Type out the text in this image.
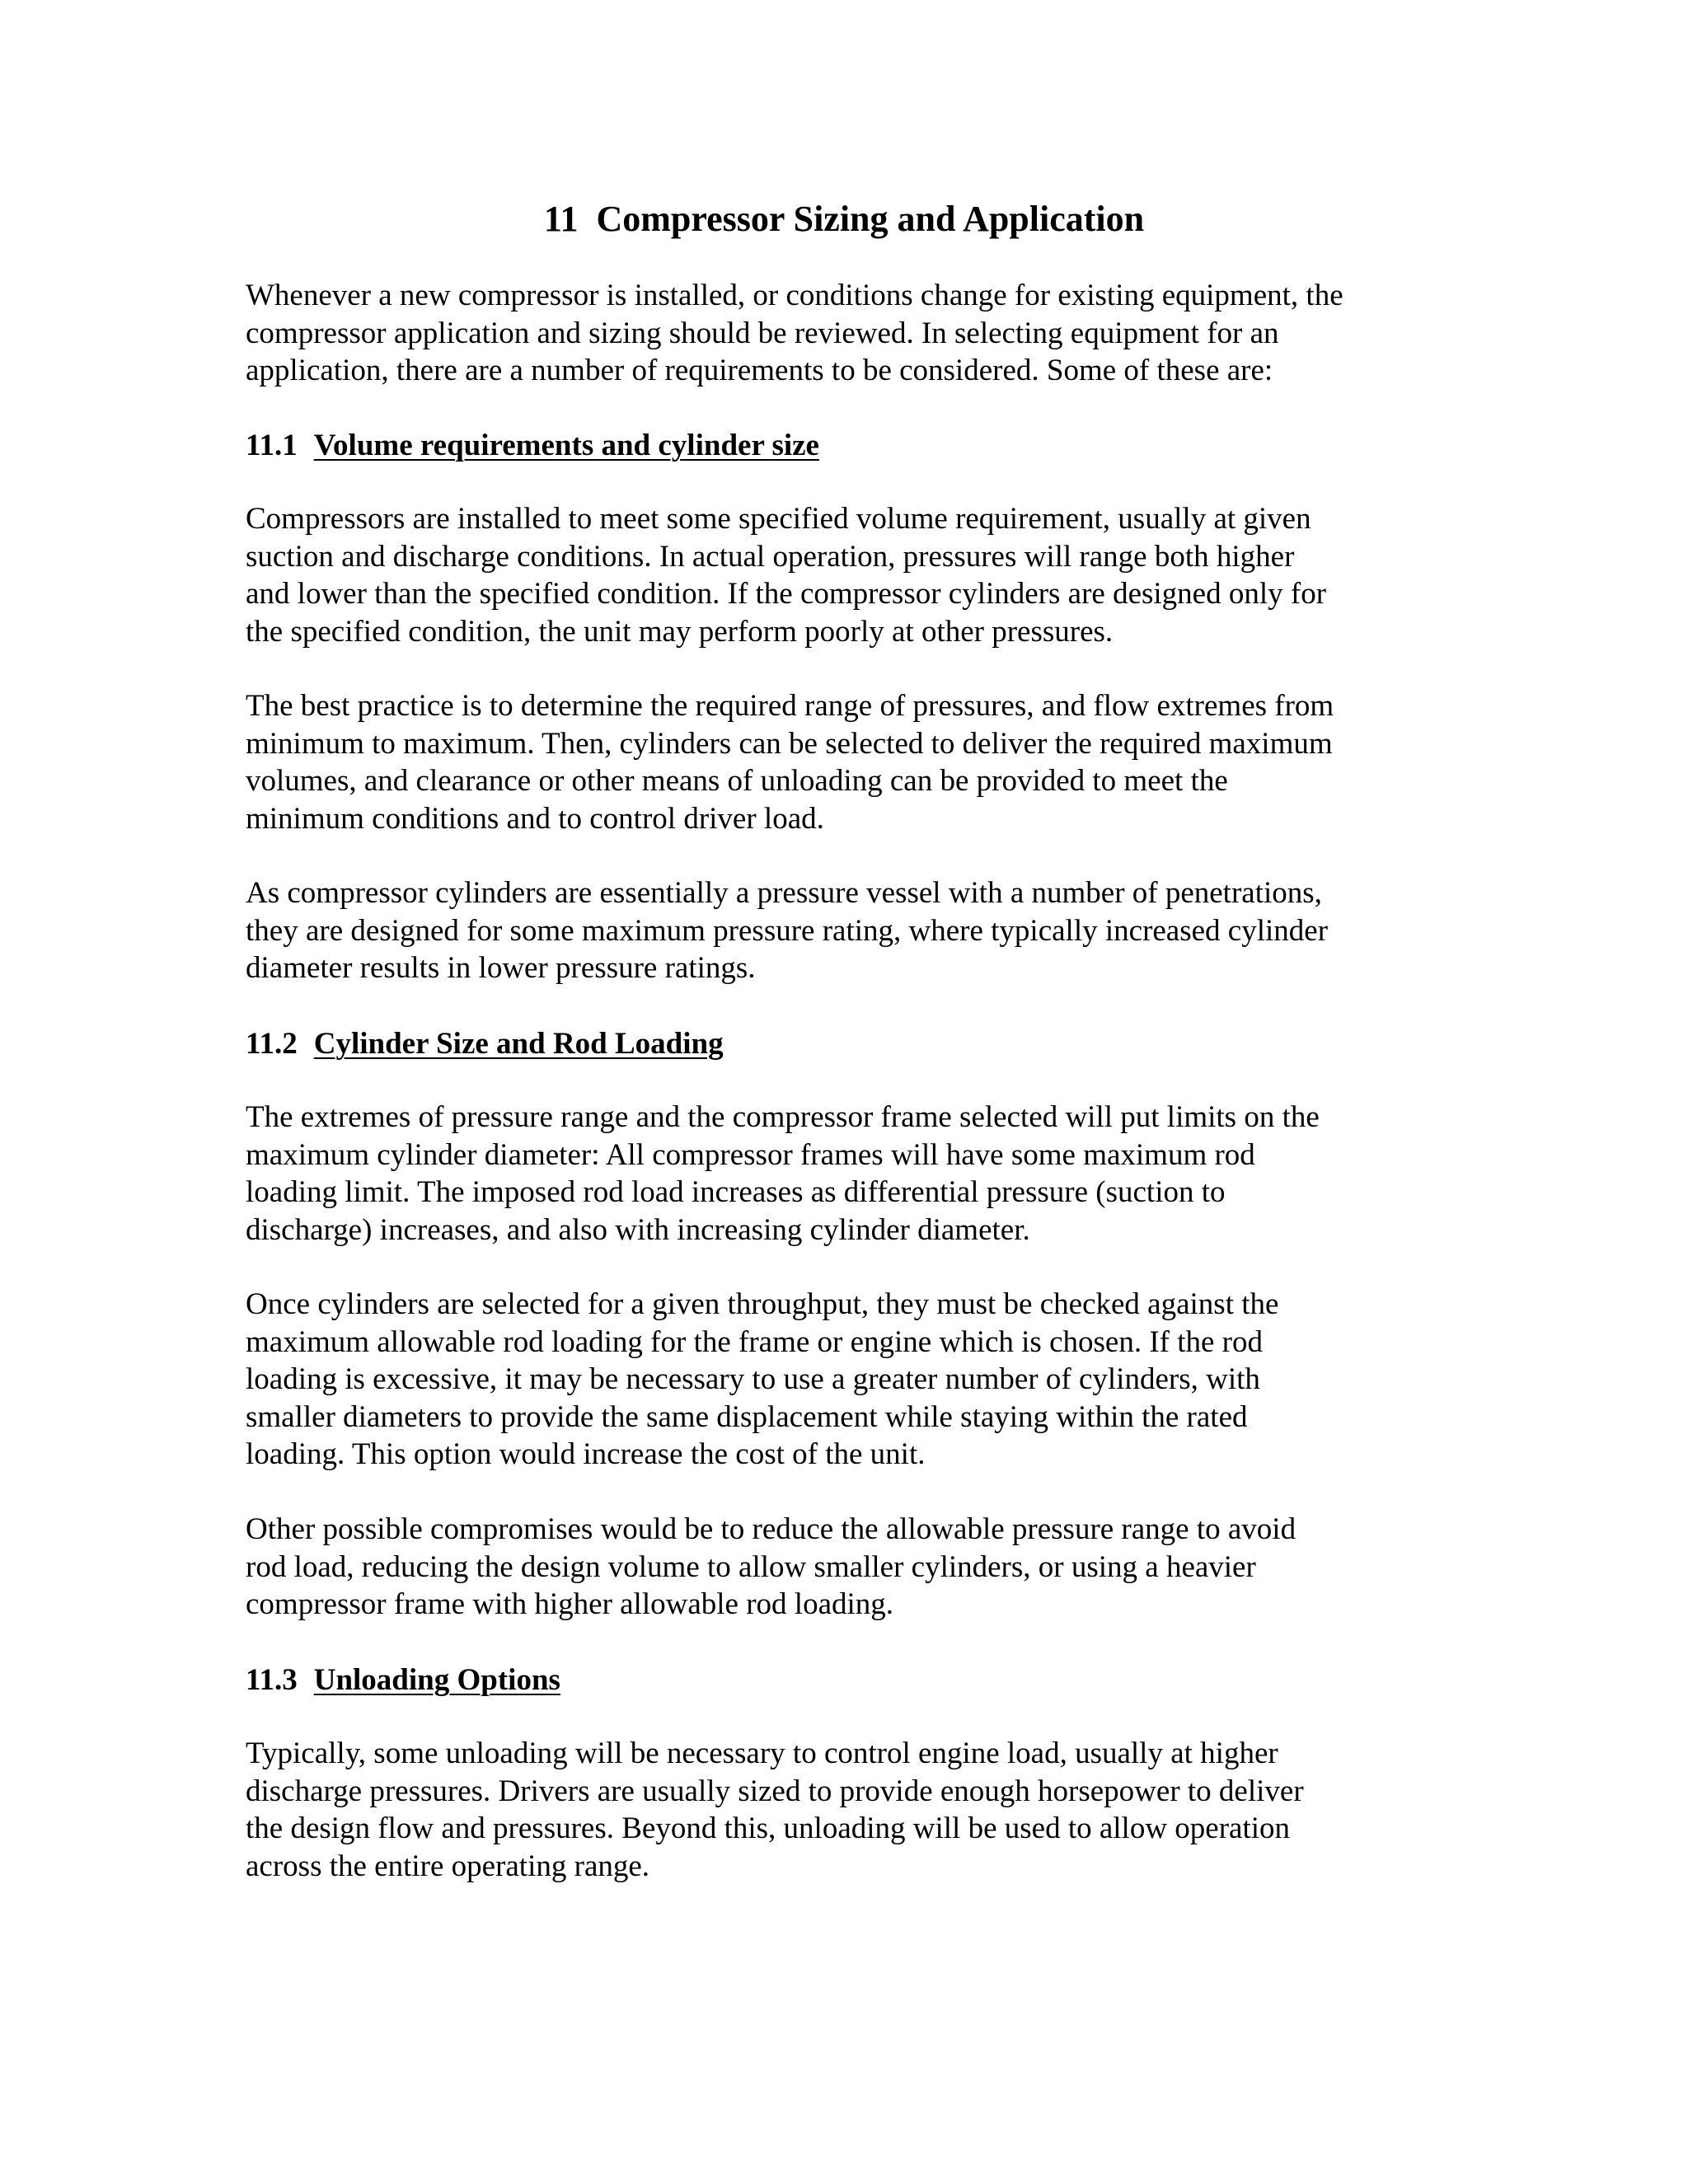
11 Compressor Sizing and Application

Whenever a new compressor is installed, or conditions change for existing equipment, the
compressor application and sizing should be reviewed. In selecting equipment for an
application, there are a number of requirements to be considered. Some of these are:

11.1 Volume requirements and cylinder size

Compressors are installed to meet some specified volume requirement, usually at given
suction and discharge conditions. In actual operation, pressures will range both higher
and lower than the specified condition. If the compressor cylinders are designed only for
the specified condition, the unit may perform poorly at other pressures.

The best practice is to determine the required range of pressures, and flow extremes from
minimum to maximum. Then, cylinders can be selected to deliver the required maximum
volumes, and clearance or other means of unloading can be provided to meet the
minimum conditions and to control driver load.

As compressor cylinders are essentially a pressure vessel with a number of penetrations,
they are designed for some maximum pressure rating, where typically increased cylinder
diameter results in lower pressure ratings.

11.2 Cylinder Size and Rod Loading

The extremes of pressure range and the compressor frame selected will put limits on the
maximum cylinder diameter: All compressor frames will have some maximum rod
loading limit. The imposed rod load increases as differential pressure (suction to
discharge) increases, and also with increasing cylinder diameter.

Once cylinders are selected for a given throughput, they must be checked against the
maximum allowable rod loading for the frame or engine which is chosen. If the rod
loading is excessive, it may be necessary to use a greater number of cylinders, with
smaller diameters to provide the same displacement while staying within the rated
loading. This option would increase the cost of the unit.

Other possible compromises would be to reduce the allowable pressure range to avoid
rod load, reducing the design volume to allow smaller cylinders, or using a heavier
compressor frame with higher allowable rod loading.

11.3 Unloading Options

Typically, some unloading will be necessary to control engine load, usually at higher
discharge pressures. Drivers are usually sized to provide enough horsepower to deliver
the design flow and pressures. Beyond this, unloading will be used to allow operation
across the entire operating range.
